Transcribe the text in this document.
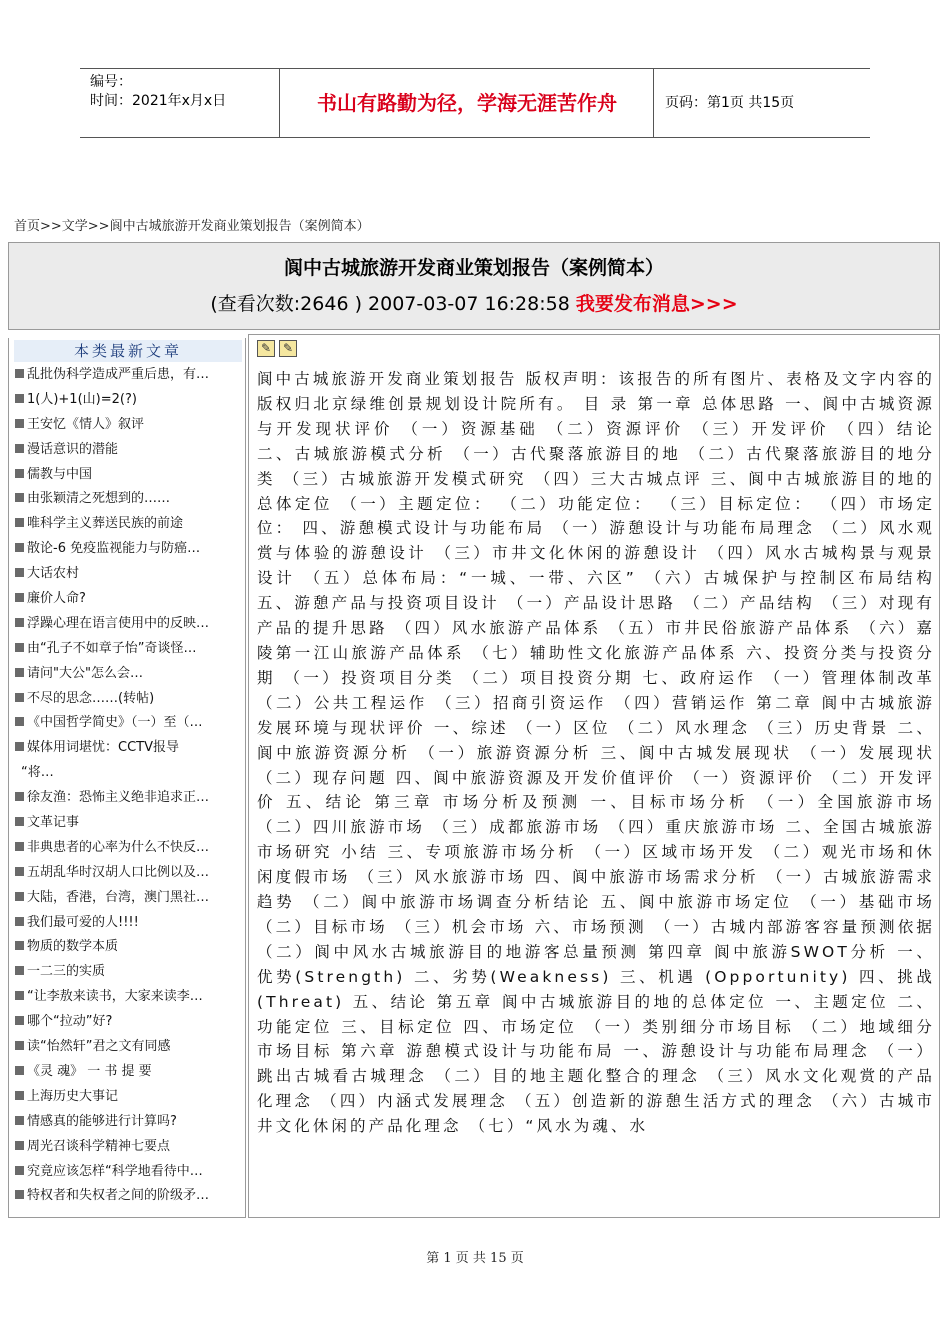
编号：
时间：2021年x月x日	书山有路勤为径，学海无涯苦作舟	页码：第1页 共15页
首页>>文学>>阆中古城旅游开发商业策划报告（案例简本）
阆中古城旅游开发商业策划报告（案例简本）
(查看次数:2646 ) 2007-03-07 16:28:58 我要发布消息>>>
本类最新文章
乱批伪科学造成严重后患，有…
1(人)+1(山)=2(?)
王安忆《情人》叙评
漫话意识的潜能
儒教与中国
由张颖清之死想到的……
唯科学主义葬送民族的前途
散论-6 免疫监视能力与防癌…
大话农村
廉价人命?
浮躁心理在语言使用中的反映…
由“孔子不如章子怡”奇谈怪…
请问"大公"怎么会…
不尽的思念……(转帖)
《中国哲学简史》（一）至（…
媒体用词堪忧：CCTV报导
“将…
徐友渔：恐怖主义绝非追求正…
文革记事
非典患者的心率为什么不快反…
五胡乱华时汉胡人口比例以及…
大陆，香港，台湾，澳门黑社…
我们最可爱的人!!!!
物质的数学本质
一二三的实质
“让李敖来读书，大家来读李…
哪个“拉动”好?
读“怡然轩”君之文有同感
《灵 魂》 一 书 提 要
上海历史大事记
情感真的能够进行计算吗?
周光召谈科学精神七要点
究竟应该怎样“科学地看待中…
特权者和失权者之间的阶级矛…
✎ ✎
阆中古城旅游开发商业策划报告 版权声明：该报告的所有图片、表格及文字内容的版权归北京绿维创景规划设计院所有。 目 录 第一章 总体思路 一、阆中古城资源与开发现状评价 （一）资源基础 （二）资源评价 （三）开发评价 （四）结论 二、古城旅游模式分析 （一）古代聚落旅游目的地 （二）古代聚落旅游目的地分类 （三）古城旅游开发模式研究 （四）三大古城点评 三、阆中古城旅游目的地的总体定位 （一）主题定位： （二）功能定位： （三）目标定位： （四）市场定位： 四、游憩模式设计与功能布局 （一）游憩设计与功能布局理念 （二）风水观赏与体验的游憩设计 （三）市井文化休闲的游憩设计 （四）风水古城构景与观景设计 （五）总体布局：“一城、一带、六区” （六）古城保护与控制区布局结构 五、游憩产品与投资项目设计 （一）产品设计思路 （二）产品结构 （三）对现有产品的提升思路 （四）风水旅游产品体系 （五）市井民俗旅游产品体系 （六）嘉陵第一江山旅游产品体系 （七）辅助性文化旅游产品体系 六、投资分类与投资分期 （一）投资项目分类 （二）项目投资分期 七、政府运作 （一）管理体制改革 （二）公共工程运作 （三）招商引资运作 （四）营销运作 第二章 阆中古城旅游发展环境与现状评价 一、综述 （一）区位 （二）风水理念 （三）历史背景 二、阆中旅游资源分析 （一）旅游资源分析 三、阆中古城发展现状 （一）发展现状 （二）现存问题 四、阆中旅游资源及开发价值评价 （一）资源评价 （二）开发评价 五、结论 第三章 市场分析及预测 一、目标市场分析 （一）全国旅游市场 （二）四川旅游市场 （三）成都旅游市场 （四）重庆旅游市场 二、全国古城旅游市场研究 小结 三、专项旅游市场分析 （一）区域市场开发 （二）观光市场和休闲度假市场 （三）风水旅游市场 四、阆中旅游市场需求分析 （一）古城旅游需求趋势 （二）阆中旅游市场调查分析结论 五、阆中旅游市场定位 （一）基础市场 （二）目标市场 （三）机会市场 六、市场预测 （一）古城内部游客容量预测依据 （二）阆中风水古城旅游目的地游客总量预测 第四章 阆中旅游SWOT分析 一、优势(Strength) 二、劣势(Weakness) 三、机遇 (Opportunity) 四、挑战 (Threat) 五、结论 第五章 阆中古城旅游目的地的总体定位 一、主题定位 二、功能定位 三、目标定位 四、市场定位 （一）类别细分市场目标 （二）地域细分市场目标 第六章 游憩模式设计与功能布局 一、游憩设计与功能布局理念 （一）跳出古城看古城理念 （二）目的地主题化整合的理念 （三）风水文化观赏的产品化理念 （四）内涵式发展理念 （五）创造新的游憩生活方式的理念 （六）古城市井文化休闲的产品化理念 （七）“风水为魂、水
第 1 页 共 15 页
